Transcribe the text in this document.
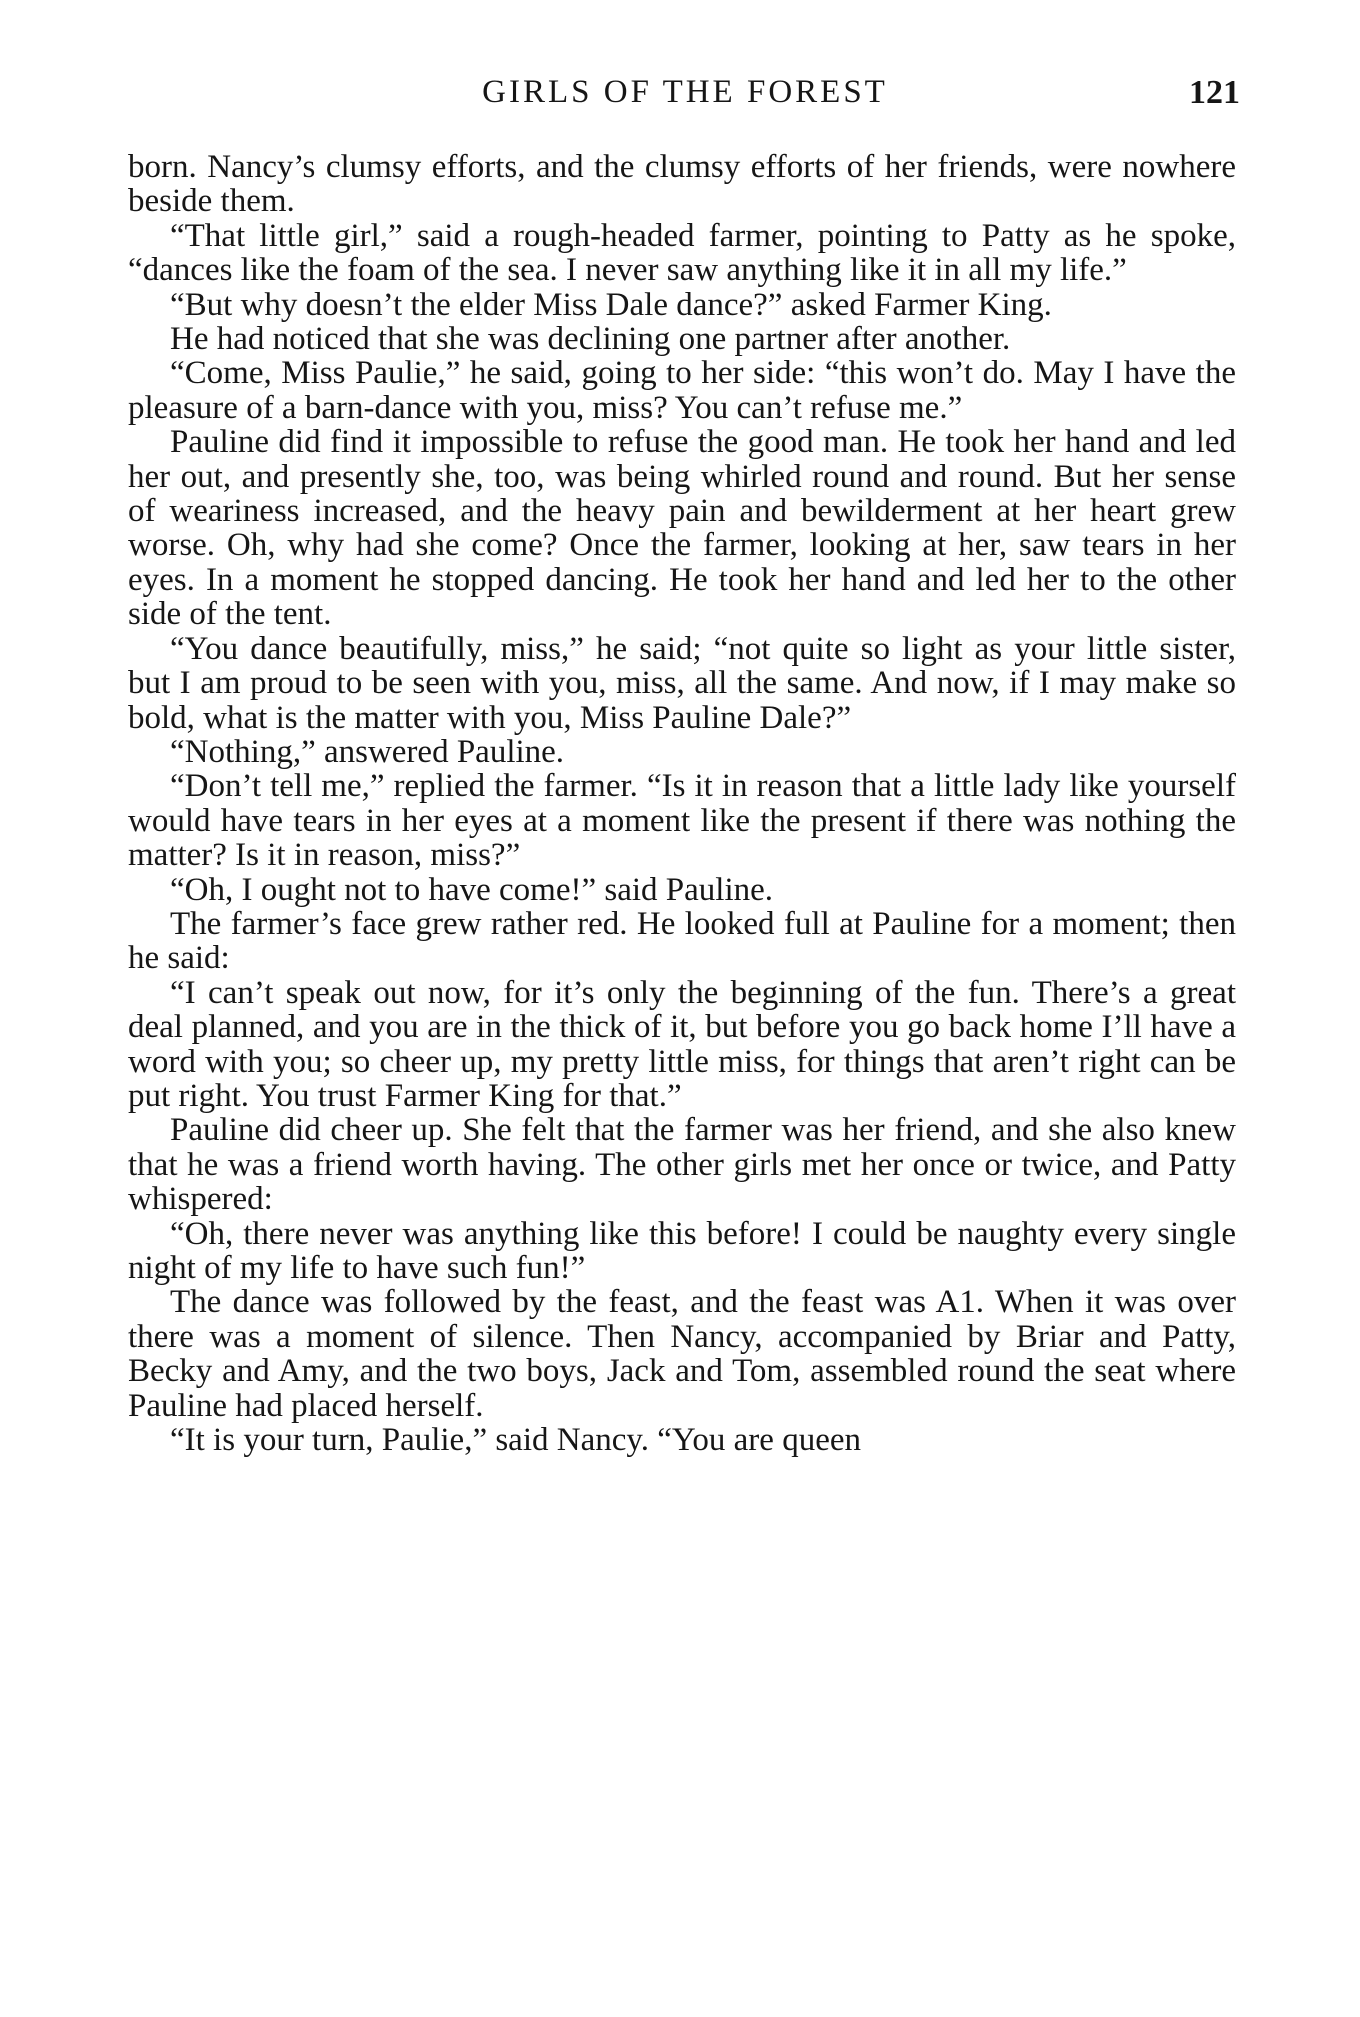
GIRLS OF THE FOREST	121

born. Nancy’s clumsy efforts, and the clumsy efforts of her friends, were nowhere beside them.

“That little girl,” said a rough-headed farmer, pointing to Patty as he spoke, “dances like the foam of the sea. I never saw anything like it in all my life.”

“But why doesn’t the elder Miss Dale dance?” asked Farmer King.

He had noticed that she was declining one partner after another.

“Come, Miss Paulie,” he said, going to her side: “this won’t do. May I have the pleasure of a barn-dance with you, miss? You can’t refuse me.”

Pauline did find it impossible to refuse the good man. He took her hand and led her out, and presently she, too, was being whirled round and round. But her sense of weariness increased, and the heavy pain and bewilderment at her heart grew worse. Oh, why had she come? Once the farmer, looking at her, saw tears in her eyes. In a moment he stopped dancing. He took her hand and led her to the other side of the tent.

“You dance beautifully, miss,” he said; “not quite so light as your little sister, but I am proud to be seen with you, miss, all the same. And now, if I may make so bold, what is the matter with you, Miss Pauline Dale?”

“Nothing,” answered Pauline.

“Don’t tell me,” replied the farmer. “Is it in reason that a little lady like yourself would have tears in her eyes at a moment like the present if there was nothing the matter? Is it in reason, miss?”

“Oh, I ought not to have come!” said Pauline.

The farmer’s face grew rather red. He looked full at Pauline for a moment; then he said:

“I can’t speak out now, for it’s only the beginning of the fun. There’s a great deal planned, and you are in the thick of it, but before you go back home I’ll have a word with you; so cheer up, my pretty little miss, for things that aren’t right can be put right. You trust Farmer King for that.”

Pauline did cheer up. She felt that the farmer was her friend, and she also knew that he was a friend worth having. The other girls met her once or twice, and Patty whispered:

“Oh, there never was anything like this before! I could be naughty every single night of my life to have such fun!”

The dance was followed by the feast, and the feast was A1. When it was over there was a moment of silence. Then Nancy, accompanied by Briar and Patty, Becky and Amy, and the two boys, Jack and Tom, assembled round the seat where Pauline had placed herself.

“It is your turn, Paulie,” said Nancy. “You are queen
